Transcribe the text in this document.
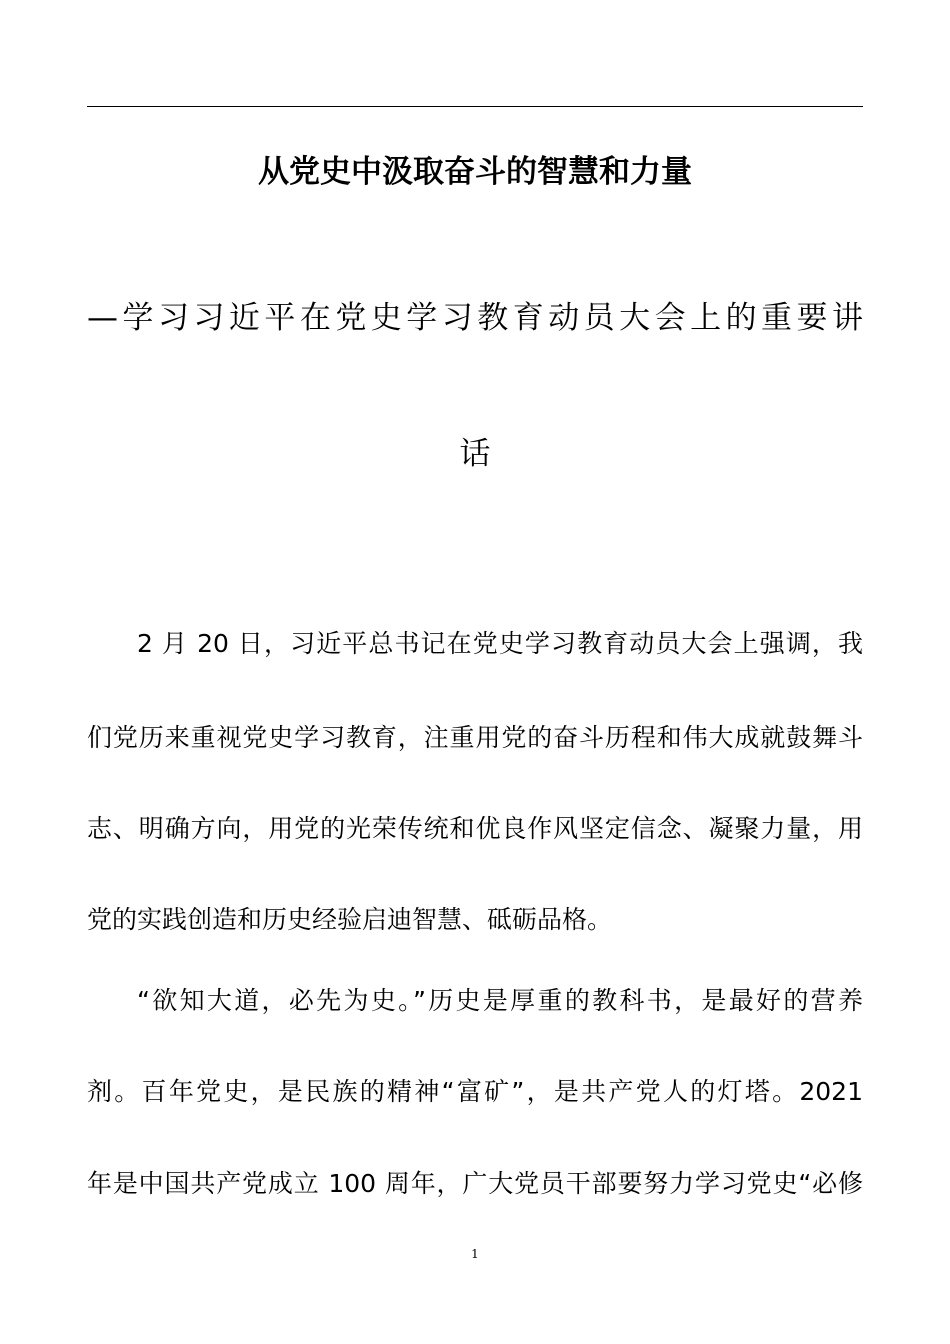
从党史中汲取奋斗的智慧和力量
—学习习近平在党史学习教育动员大会上的重要讲
话
2 月 20 日，习近平总书记在党史学习教育动员大会上强调，我
们党历来重视党史学习教育，注重用党的奋斗历程和伟大成就鼓舞斗
志、明确方向，用党的光荣传统和优良作风坚定信念、凝聚力量，用
党的实践创造和历史经验启迪智慧、砥砺品格。
“欲知大道，必先为史。”历史是厚重的教科书，是最好的营养
剂。百年党史，是民族的精神“富矿”，是共产党人的灯塔。2021
年是中国共产党成立 100 周年，广大党员干部要努力学习党史“必修
1
